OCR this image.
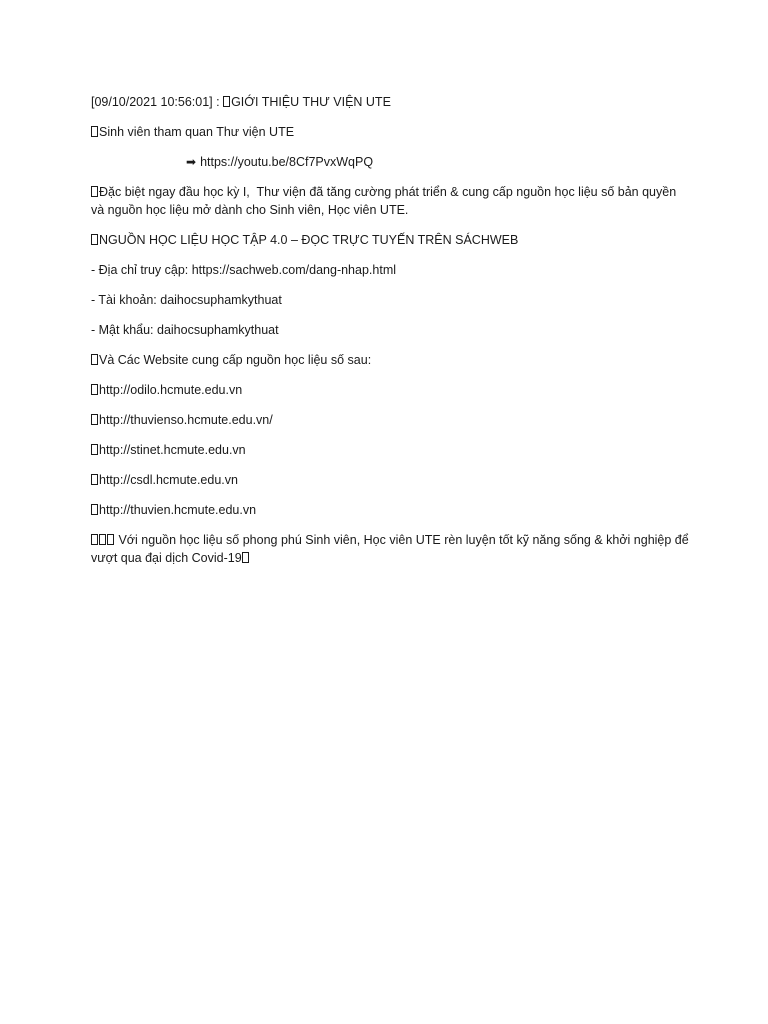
[09/10/2021 10:56:01] : GIỚI THIỆU THƯ VIỆN UTE

Sinh viên tham quan Thư viện UTE

➡ https://youtu.be/8Cf7PvxWqPQ

Đặc biệt ngay đầu học kỳ I,  Thư viện đã tăng cường phát triển & cung cấp nguồn học liệu số bản quyền và nguồn học liệu mở dành cho Sinh viên, Học viên UTE.

NGUỒN HỌC LIỆU HỌC TẬP 4.0 – ĐỌC TRỰC TUYẾN TRÊN SÁCHWEB

- Địa chỉ truy cập: https://sachweb.com/dang-nhap.html

- Tài khoản: daihocsuphamkythuat

- Mật khẩu: daihocsuphamkythuat

Và Các Website cung cấp nguồn học liệu số sau:

http://odilo.hcmute.edu.vn

http://thuvienso.hcmute.edu.vn/

http://stinet.hcmute.edu.vn

http://csdl.hcmute.edu.vn

http://thuvien.hcmute.edu.vn

Với nguồn học liệu số phong phú Sinh viên, Học viên UTE rèn luyện tốt kỹ năng sống & khởi nghiệp để vượt qua đại dịch Covid-19
